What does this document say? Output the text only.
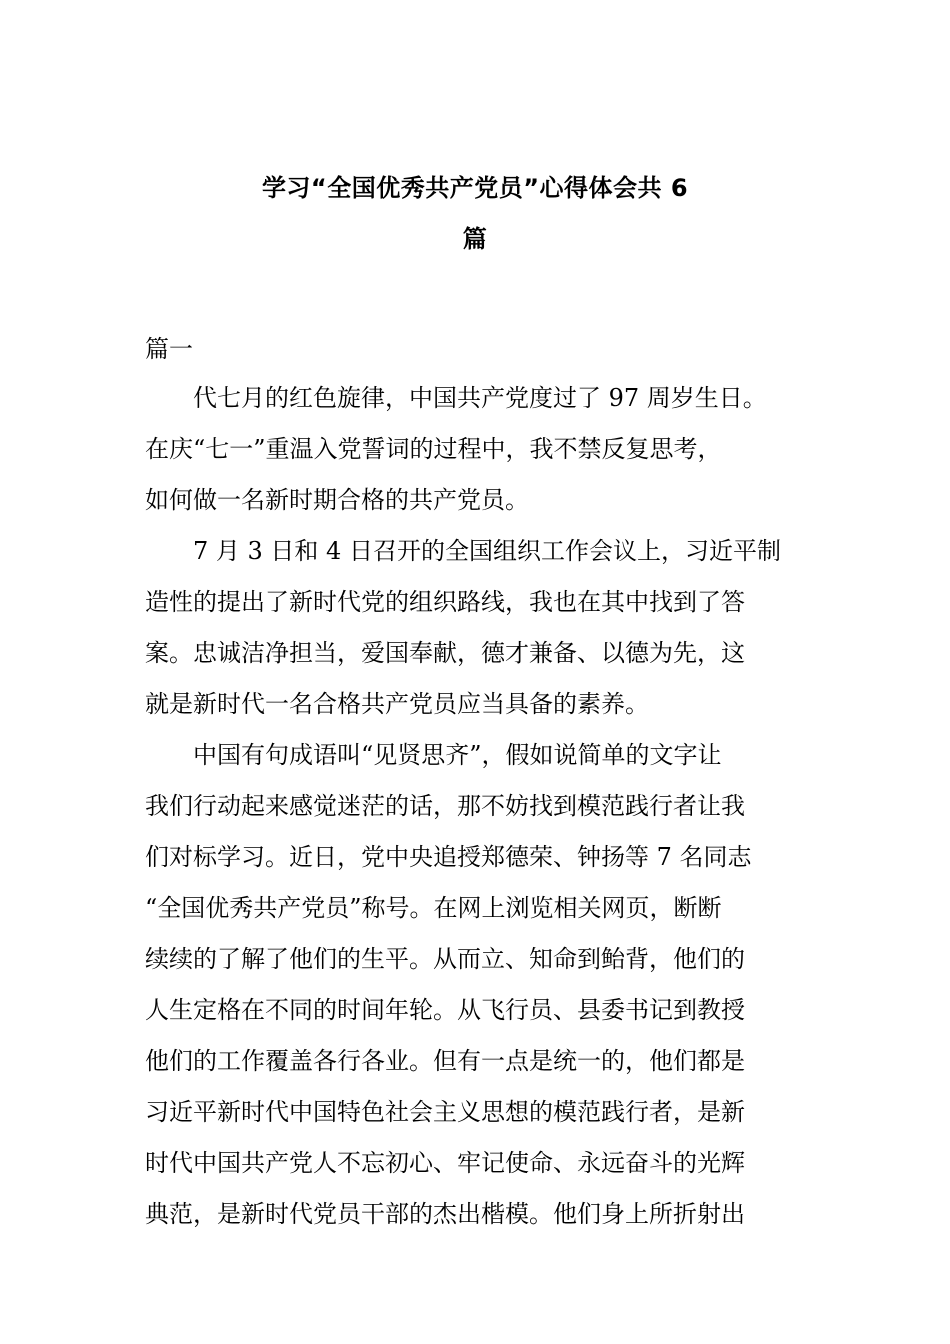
学习“全国优秀共产党员”心得体会共 6
篇

篇一

代七月的红色旋律，中国共产党度过了 97 周岁生日。
在庆“七一”重温入党誓词的过程中，我不禁反复思考，
如何做一名新时期合格的共产党员。
7 月 3 日和 4 日召开的全国组织工作会议上，习近平制
造性的提出了新时代党的组织路线，我也在其中找到了答
案。忠诚洁净担当，爱国奉献，德才兼备、以德为先，这
就是新时代一名合格共产党员应当具备的素养。
中国有句成语叫“见贤思齐”，假如说简单的文字让
我们行动起来感觉迷茫的话，那不妨找到模范践行者让我
们对标学习。近日，党中央追授郑德荣、钟扬等 7 名同志
“全国优秀共产党员”称号。在网上浏览相关网页，断断
续续的了解了他们的生平。从而立、知命到鲐背，他们的
人生定格在不同的时间年轮。从飞行员、县委书记到教授
他们的工作覆盖各行各业。但有一点是统一的，他们都是
习近平新时代中国特色社会主义思想的模范践行者，是新
时代中国共产党人不忘初心、牢记使命、永远奋斗的光辉
典范，是新时代党员干部的杰出楷模。他们身上所折射出
